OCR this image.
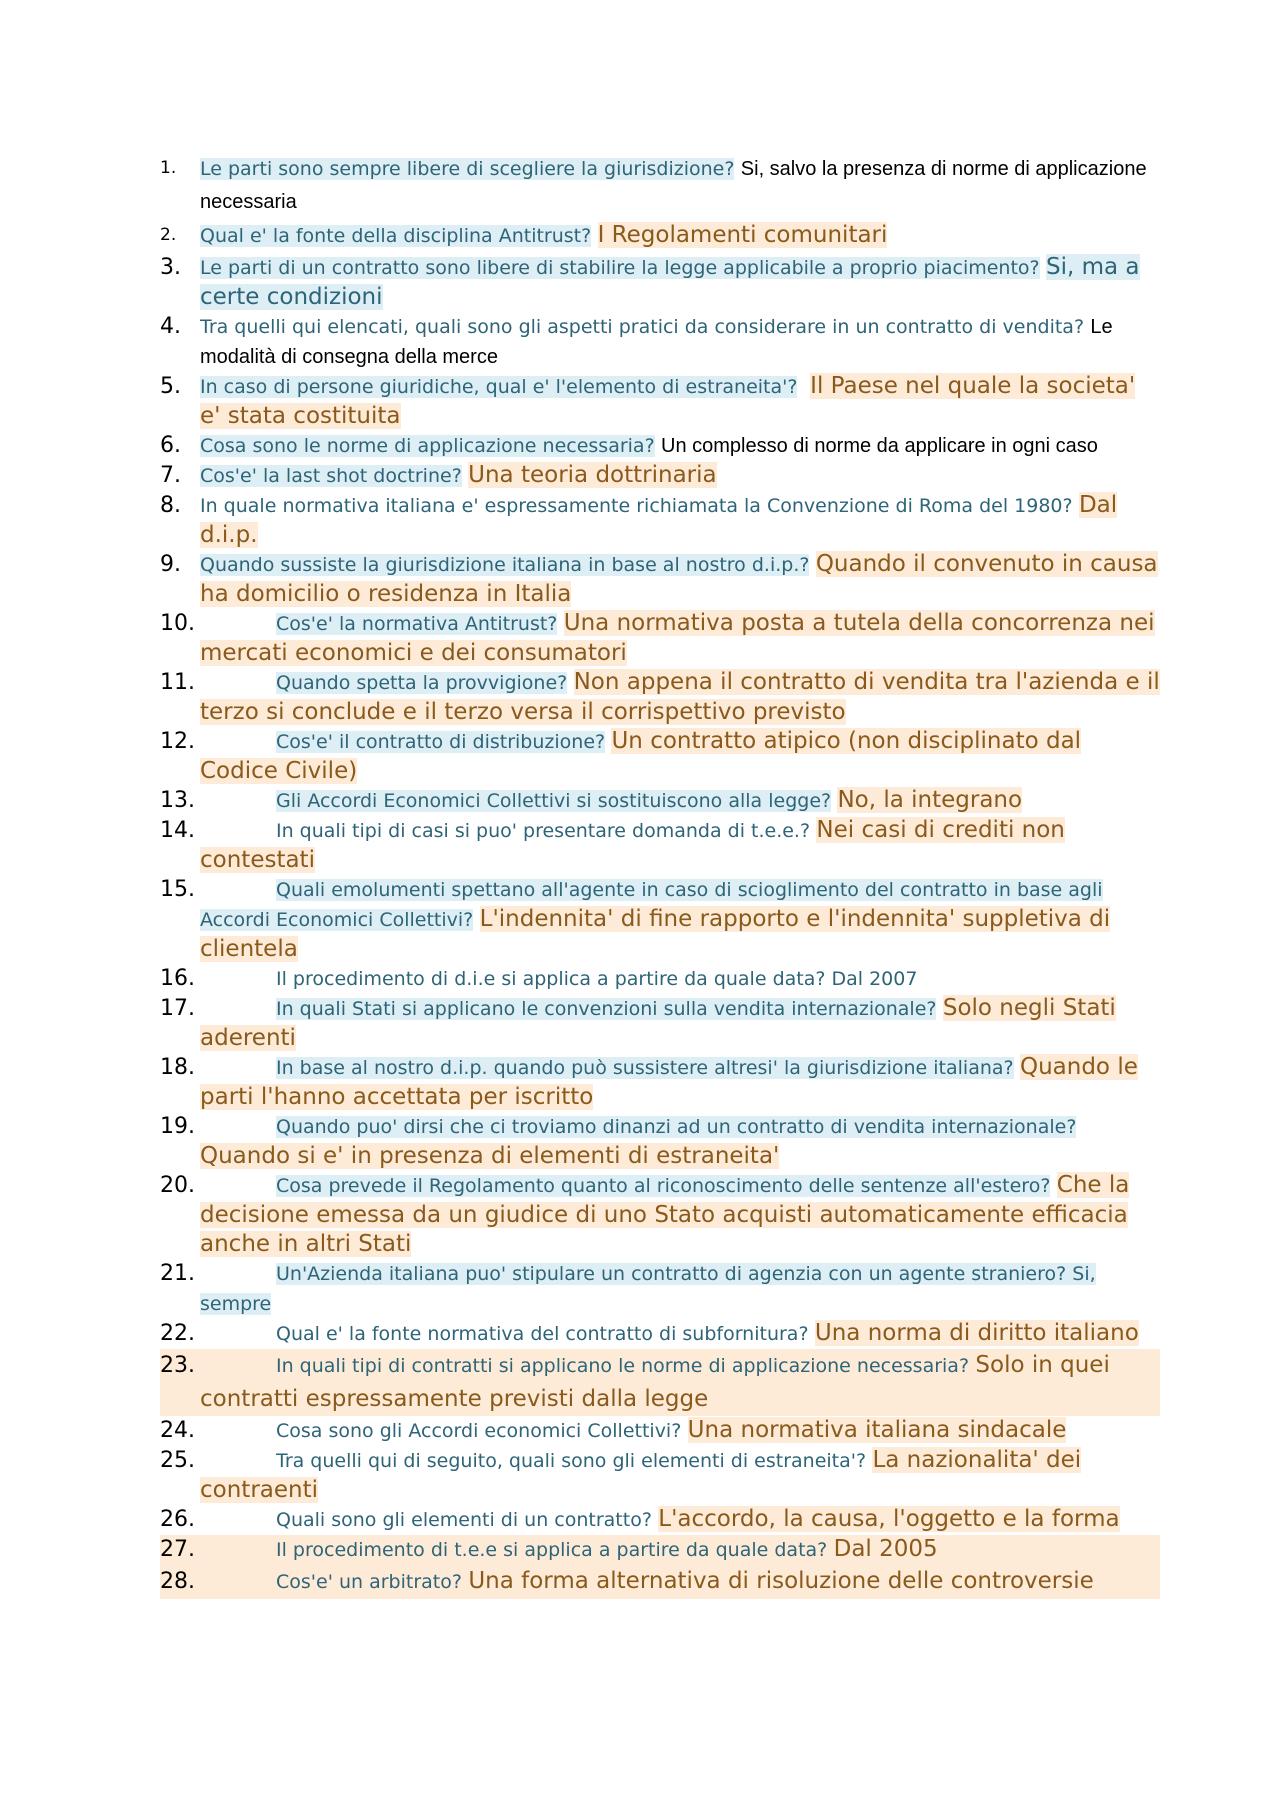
1. Le parti sono sempre libere di scegliere la giurisdizione? Si, salvo la presenza di norme di applicazione necessaria
2. Qual e' la fonte della disciplina Antitrust? I Regolamenti comunitari
3. Le parti di un contratto sono libere di stabilire la legge applicabile a proprio piacimento? Si, ma a certe condizioni
4. Tra quelli qui elencati, quali sono gli aspetti pratici da considerare in un contratto di vendita? Le modalità di consegna della merce
5. In caso di persone giuridiche, qual e' l'elemento di estraneita'? Il Paese nel quale la societa' e' stata costituita
6. Cosa sono le norme di applicazione necessaria? Un complesso di norme da applicare in ogni caso
7. Cos'e' la last shot doctrine? Una teoria dottrinaria
8. In quale normativa italiana e' espressamente richiamata la Convenzione di Roma del 1980? Dal d.i.p.
9. Quando sussiste la giurisdizione italiana in base al nostro d.i.p.? Quando il convenuto in causa ha domicilio o residenza in Italia
10.	Cos'e' la normativa Antitrust? Una normativa posta a tutela della concorrenza nei mercati economici e dei consumatori
11.	Quando spetta la provvigione? Non appena il contratto di vendita tra l'azienda e il terzo si conclude e il terzo versa il corrispettivo previsto
12.	Cos'e' il contratto di distribuzione? Un contratto atipico (non disciplinato dal Codice Civile)
13.	Gli Accordi Economici Collettivi si sostituiscono alla legge? No, la integrano
14.	In quali tipi di casi si puo' presentare domanda di t.e.e.? Nei casi di crediti non contestati
15.	Quali emolumenti spettano all'agente in caso di scioglimento del contratto in base agli Accordi Economici Collettivi? L'indennita' di fine rapporto e l'indennita' suppletiva di clientela
16.	Il procedimento di d.i.e si applica a partire da quale data? Dal 2007
17.	In quali Stati si applicano le convenzioni sulla vendita internazionale? Solo negli Stati aderenti
18.	In base al nostro d.i.p. quando può sussistere altresi' la giurisdizione italiana? Quando le parti l'hanno accettata per iscritto
19.	Quando puo' dirsi che ci troviamo dinanzi ad un contratto di vendita internazionale? Quando si e' in presenza di elementi di estraneita'
20.	Cosa prevede il Regolamento quanto al riconoscimento delle sentenze all'estero? Che la decisione emessa da un giudice di uno Stato acquisti automaticamente efficacia anche in altri Stati
21.	Un'Azienda italiana puo' stipulare un contratto di agenzia con un agente straniero? Si, sempre
22.	Qual e' la fonte normativa del contratto di subfornitura? Una norma di diritto italiano
23.	In quali tipi di contratti si applicano le norme di applicazione necessaria? Solo in quei contratti espressamente previsti dalla legge
24.	Cosa sono gli Accordi economici Collettivi? Una normativa italiana sindacale
25.	Tra quelli qui di seguito, quali sono gli elementi di estraneita'? La nazionalita' dei contraenti
26.	Quali sono gli elementi di un contratto? L'accordo, la causa, l'oggetto e la forma
27.	Il procedimento di t.e.e si applica a partire da quale data? Dal 2005
28.	Cos'e' un arbitrato? Una forma alternativa di risoluzione delle controversie
